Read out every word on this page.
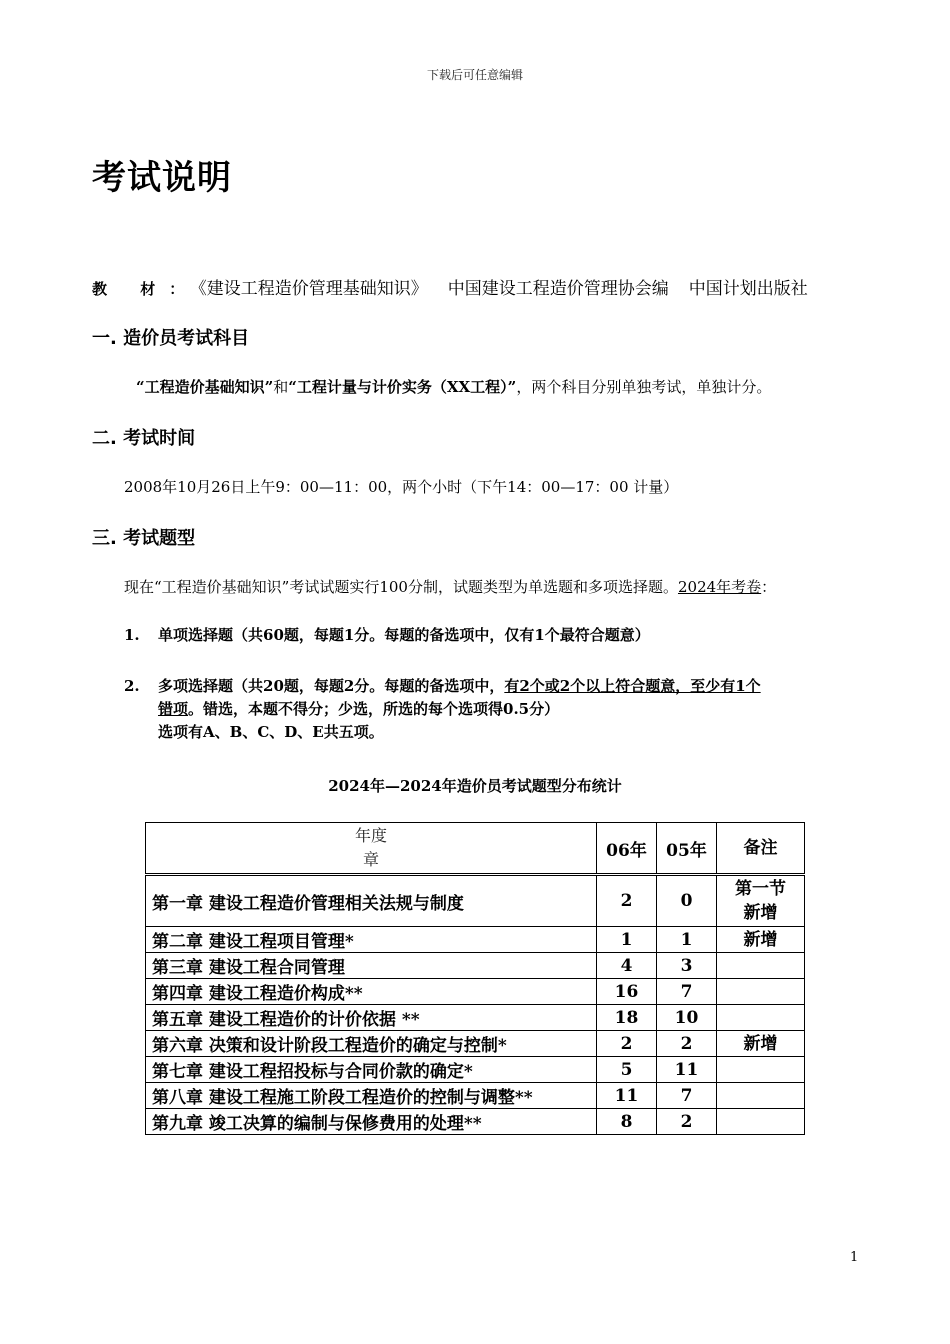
下载后可任意编辑
考试说明
教 材：《建设工程造价管理基础知识》 中国建设工程造价管理协会编 中国计划出版社
一. 造价员考试科目
“工程造价基础知识”和“工程计量与计价实务（XX工程）”，两个科目分别单独考试，单独计分。
二. 考试时间
2008年10月26日上午9：00—11：00，两个小时（下午14：00—17：00 计量）
三. 考试题型
现在“工程造价基础知识”考试试题实行100分制，试题类型为单选题和多项选择题。2024年考卷：
1. 单项选择题（共60题，每题1分。每题的备选项中，仅有1个最符合题意）
2. 多项选择题（共20题，每题2分。每题的备选项中，有2个或2个以上符合题意，至少有1个
错项。错选，本题不得分；少选，所选的每个选项得0.5分）
选项有A、B、C、D、E共五项。
2024年—2024年造价员考试题型分布统计
年度
章	06年	05年	备注
第一章 建设工程造价管理相关法规与制度	2	0	第一节
新增

第二章 建设工程项目管理*	1	1	新增
第三章 建设工程合同管理	4	3	
第四章 建设工程造价构成**	16	7	
第五章 建设工程造价的计价依据 **	18	10	
第六章 决策和设计阶段工程造价的确定与控制*	2	2	新增
第七章 建设工程招投标与合同价款的确定*	5	11	
第八章 建设工程施工阶段工程造价的控制与调整**	11	7	
第九章 竣工决算的编制与保修费用的处理**	8	2	
1
